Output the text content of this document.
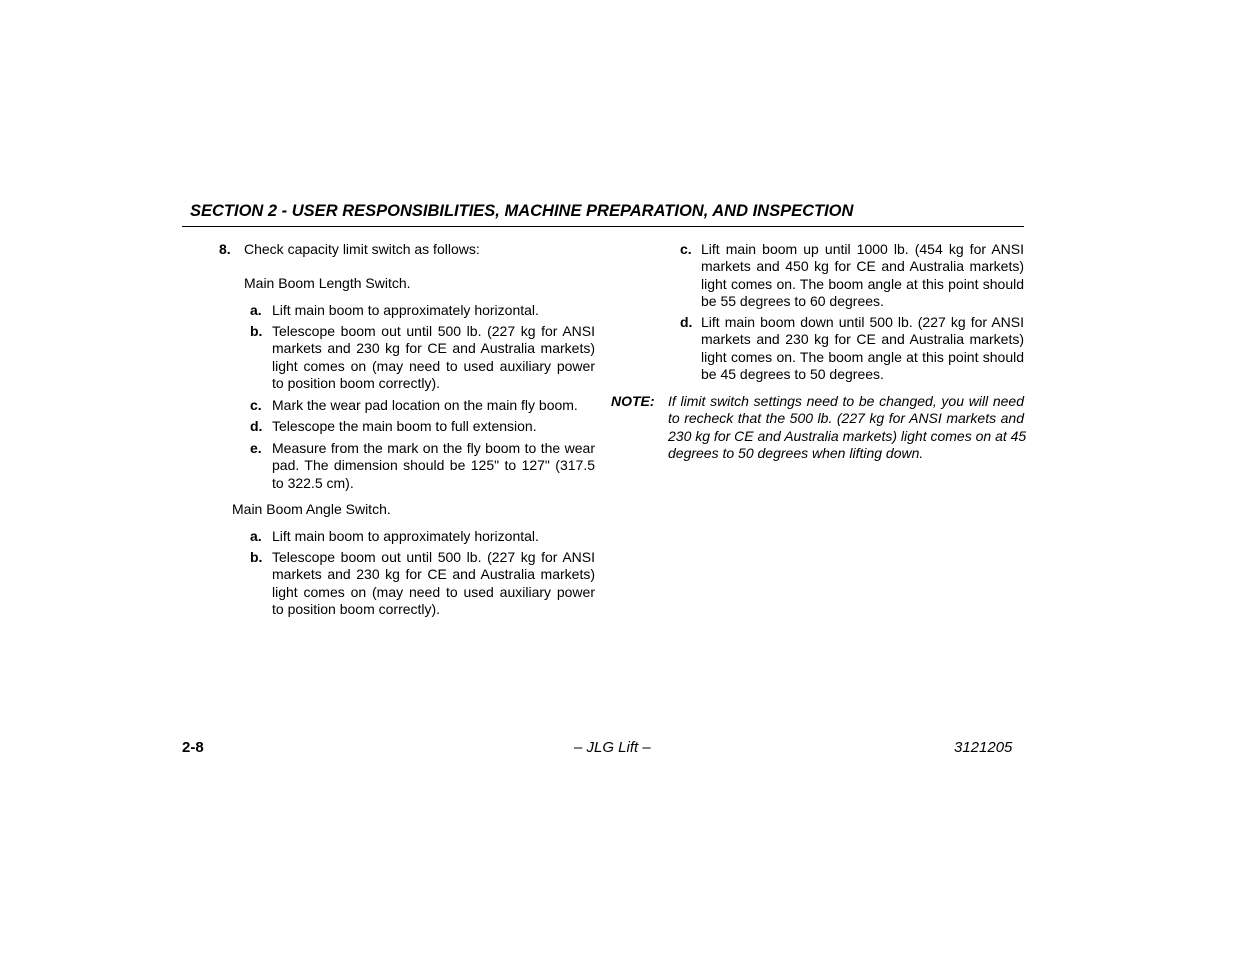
SECTION 2 - USER RESPONSIBILITIES, MACHINE PREPARATION, AND INSPECTION
8. Check capacity limit switch as follows:
Main Boom Length Switch.
a. Lift main boom to approximately horizontal.
b. Telescope boom out until 500 lb. (227 kg for ANSI
markets and 230 kg for CE and Australia markets)
light comes on (may need to used auxiliary power
to position boom correctly).
c. Mark the wear pad location on the main fly boom.
d. Telescope the main boom to full extension.
e. Measure from the mark on the fly boom to the wear
pad. The dimension should be 125" to 127" (317.5
to 322.5 cm).
Main Boom Angle Switch.
a. Lift main boom to approximately horizontal.
b. Telescope boom out until 500 lb. (227 kg for ANSI
markets and 230 kg for CE and Australia markets)
light comes on (may need to used auxiliary power
to position boom correctly).
c. Lift main boom up until 1000 lb. (454 kg for ANSI
markets and 450 kg for CE and Australia markets)
light comes on. The boom angle at this point should
be 55 degrees to 60 degrees.
d. Lift main boom down until 500 lb. (227 kg for ANSI
markets and 230 kg for CE and Australia markets)
light comes on. The boom angle at this point should
be 45 degrees to 50 degrees.
NOTE: If limit switch settings need to be changed, you will need
to recheck that the 500 lb. (227 kg for ANSI markets and
230 kg for CE and Australia markets) light comes on at 45
degrees to 50 degrees when lifting down.
2-8	– JLG Lift –	3121205
